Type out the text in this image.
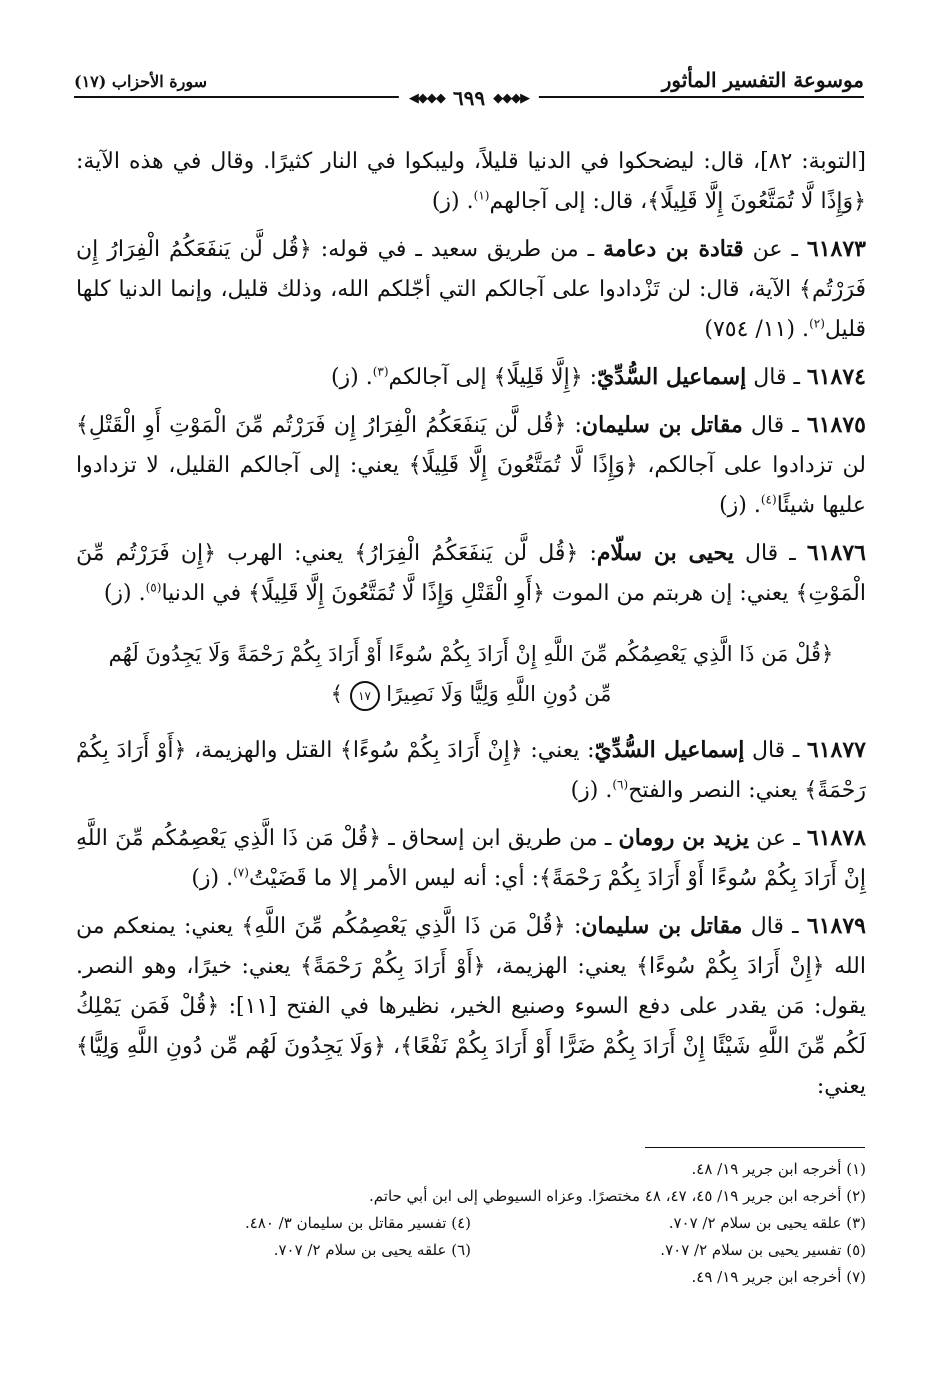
موسوعة التفسير المأثور
◀◆◆◆ ٦٩٩ ◆◆◆▶
سورة الأحزاب (١٧)

[التوبة: ٨٢]، قال: ليضحكوا في الدنيا قليلاً، وليبكوا في النار كثيرًا. وقال في هذه الآية: ﴿وَإِذًا لَّا تُمَتَّعُونَ إِلَّا قَلِيلًا﴾، قال: إلى آجالهم$^{(١)}$. (ز)

٦١٨٧٣ ـ عن قتادة بن دعامة ـ من طريق سعيد ـ في قوله: ﴿قُل لَّن يَنفَعَكُمُ الْفِرَارُ إِن فَرَرْتُم﴾ الآية، قال: لن تَزْدادوا على آجالكم التي أجّلكم الله، وذلك قليل، وإنما الدنيا كلها قليل$^{(٢)}$. (١١/ ٧٥٤)

٦١٨٧٤ ـ قال إسماعيل السُّدِّيّ: ﴿إِلَّا قَلِيلًا﴾ إلى آجالكم$^{(٣)}$. (ز)

٦١٨٧٥ ـ قال مقاتل بن سليمان: ﴿قُل لَّن يَنفَعَكُمُ الْفِرَارُ إِن فَرَرْتُم مِّنَ الْمَوْتِ أَوِ الْقَتْلِ﴾ لن تزدادوا على آجالكم، ﴿وَإِذًا لَّا تُمَتَّعُونَ إِلَّا قَلِيلًا﴾ يعني: إلى آجالكم القليل، لا تزدادوا عليها شيئًا$^{(٤)}$. (ز)

٦١٨٧٦ ـ قال يحيى بن سلّام: ﴿قُل لَّن يَنفَعَكُمُ الْفِرَارُ﴾ يعني: الهرب ﴿إِن فَرَرْتُم مِّنَ الْمَوْتِ﴾ يعني: إن هربتم من الموت ﴿أَوِ الْقَتْلِ وَإِذًا لَّا تُمَتَّعُونَ إِلَّا قَلِيلًا﴾ في الدنيا$^{(٥)}$. (ز)

﴿قُلْ مَن ذَا الَّذِي يَعْصِمُكُم مِّنَ اللَّهِ إِنْ أَرَادَ بِكُمْ سُوءًا أَوْ أَرَادَ بِكُمْ رَحْمَةً وَلَا يَجِدُونَ لَهُم مِّن دُونِ اللَّهِ وَلِيًّا وَلَا نَصِيرًا ١٧ ﴾

٦١٨٧٧ ـ قال إسماعيل السُّدِّيّ: يعني: ﴿إِنْ أَرَادَ بِكُمْ سُوءًا﴾ القتل والهزيمة، ﴿أَوْ أَرَادَ بِكُمْ رَحْمَةً﴾ يعني: النصر والفتح$^{(٦)}$. (ز)

٦١٨٧٨ ـ عن يزيد بن رومان ـ من طريق ابن إسحاق ـ ﴿قُلْ مَن ذَا الَّذِي يَعْصِمُكُم مِّنَ اللَّهِ إِنْ أَرَادَ بِكُمْ سُوءًا أَوْ أَرَادَ بِكُمْ رَحْمَةً﴾: أي: أنه ليس الأمر إلا ما قَضَيْتُ$^{(٧)}$. (ز)

٦١٨٧٩ ـ قال مقاتل بن سليمان: ﴿قُلْ مَن ذَا الَّذِي يَعْصِمُكُم مِّنَ اللَّهِ﴾ يعني: يمنعكم من الله ﴿إِنْ أَرَادَ بِكُمْ سُوءًا﴾ يعني: الهزيمة، ﴿أَوْ أَرَادَ بِكُمْ رَحْمَةً﴾ يعني: خيرًا، وهو النصر. يقول: مَن يقدر على دفع السوء وصنيع الخير، نظيرها في الفتح [١١]: ﴿قُلْ فَمَن يَمْلِكُ لَكُم مِّنَ اللَّهِ شَيْئًا إِنْ أَرَادَ بِكُمْ ضَرًّا أَوْ أَرَادَ بِكُمْ نَفْعًا﴾، ﴿وَلَا يَجِدُونَ لَهُم مِّن دُونِ اللَّهِ وَلِيًّا﴾ يعني:

(١) أخرجه ابن جرير ١٩/ ٤٨.
(٢) أخرجه ابن جرير ١٩/ ٤٥، ٤٧، ٤٨ مختصرًا. وعزاه السيوطي إلى ابن أبي حاتم.
(٣) علقه يحيى بن سلام ٢/ ٧٠٧.
(٤) تفسير مقاتل بن سليمان ٣/ ٤٨٠.
(٥) تفسير يحيى بن سلام ٢/ ٧٠٧.
(٦) علقه يحيى بن سلام ٢/ ٧٠٧.
(٧) أخرجه ابن جرير ١٩/ ٤٩.
